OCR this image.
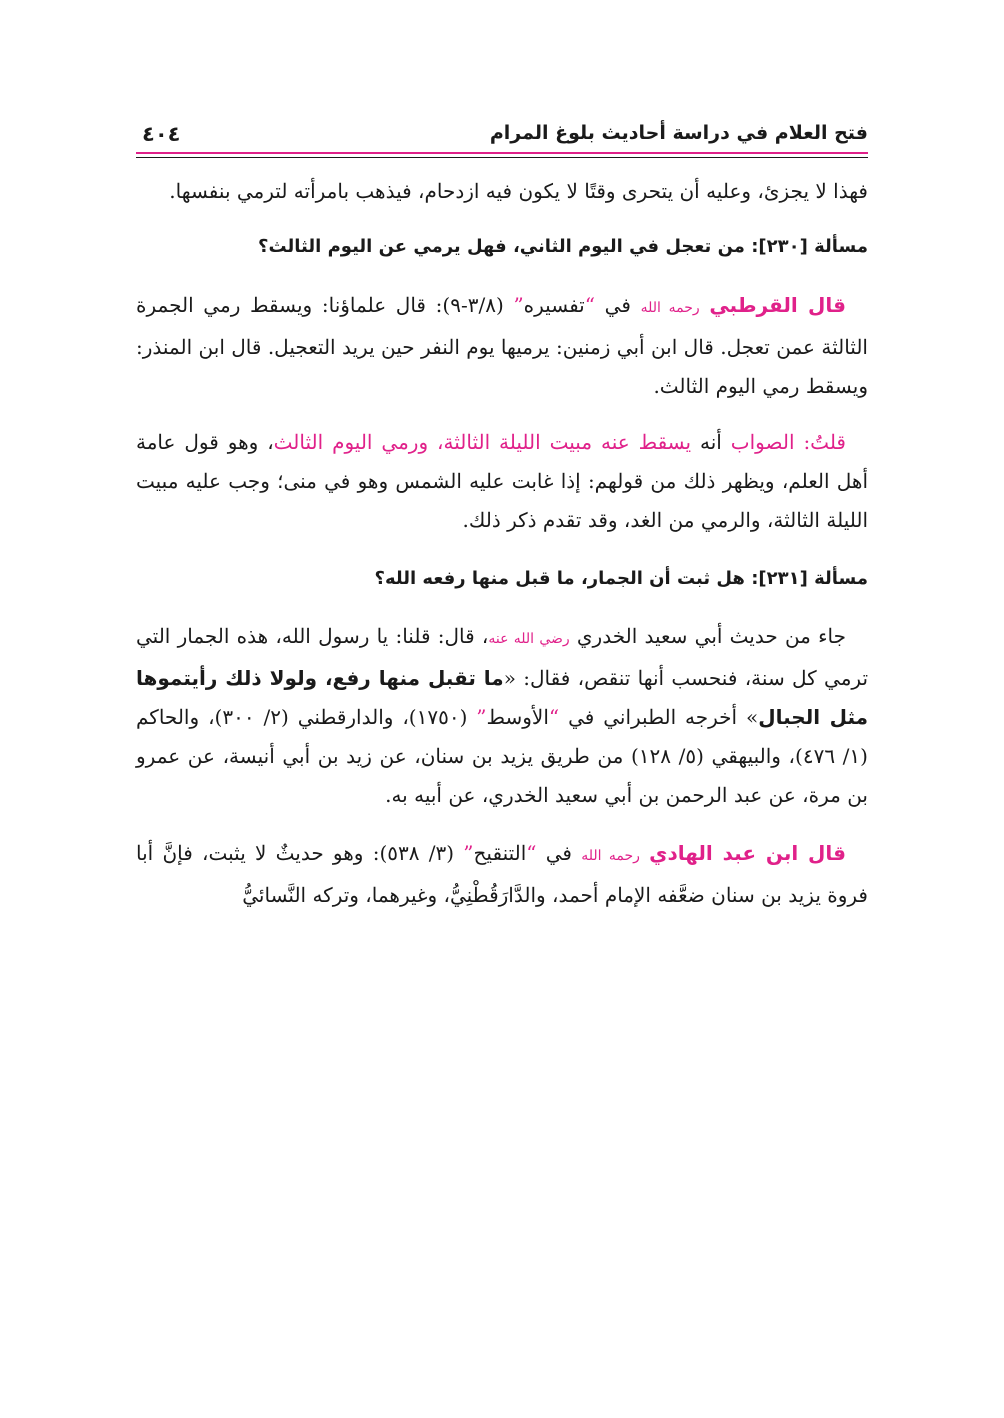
فتح العلام في دراسة أحاديث بلوغ المرام
٤٠٤

فهذا لا يجزئ، وعليه أن يتحرى وقتًا لا يكون فيه ازدحام، فيذهب بامرأته لترمي بنفسها.

مسألة [٢٣٠]: من تعجل في اليوم الثاني، فهل يرمي عن اليوم الثالث؟

قال القرطبي رحمه الله في “تفسيره” (٣/٨-٩): قال علماؤنا: ويسقط رمي الجمرة الثالثة عمن تعجل. قال ابن أبي زمنين: يرميها يوم النفر حين يريد التعجيل. قال ابن المنذر: ويسقط رمي اليوم الثالث.

قلتُ: الصواب أنه يسقط عنه مبيت الليلة الثالثة، ورمي اليوم الثالث، وهو قول عامة أهل العلم، ويظهر ذلك من قولهم: إذا غابت عليه الشمس وهو في منى؛ وجب عليه مبيت الليلة الثالثة، والرمي من الغد، وقد تقدم ذكر ذلك.

مسألة [٢٣١]: هل ثبت أن الجمار، ما قبل منها رفعه الله؟

جاء من حديث أبي سعيد الخدري رضي الله عنه، قال: قلنا: يا رسول الله، هذه الجمار التي ترمي كل سنة، فنحسب أنها تنقص، فقال: «ما تقبل منها رفع، ولولا ذلك رأيتموها مثل الجبال» أخرجه الطبراني في “الأوسط” (١٧٥٠)، والدارقطني (٢/ ٣٠٠)، والحاكم (١/ ٤٧٦)، والبيهقي (٥/ ١٢٨) من طريق يزيد بن سنان، عن زيد بن أبي أنيسة، عن عمرو بن مرة، عن عبد الرحمن بن أبي سعيد الخدري، عن أبيه به.

قال ابن عبد الهادي رحمه الله في “التنقيح” (٣/ ٥٣٨): وهو حديثٌ لا يثبت، فإنَّ أبا فروة يزيد بن سنان ضعَّفه الإمام أحمد، والدَّارَقُطْنِيُّ، وغيرهما، وتركه النَّسائيُّ
